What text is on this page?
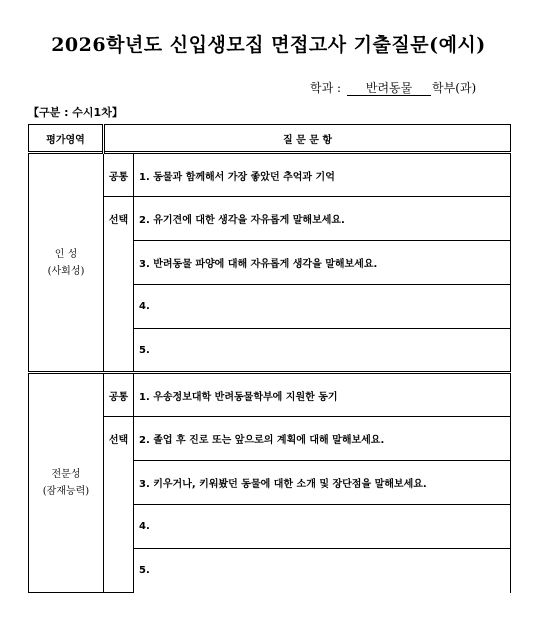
2026학년도 신입생모집 면접고사 기출질문(예시)
학과 : 반려동물 학부(과)
【구분 : 수시1차】
평가영역	질 문 문 항	

인 성
(사회성)	공통	1. 동물과 함께해서 가장 좋았던 추억과 기억
	선택	2. 유기견에 대한 생각을 자유롭게 말해보세요.
		3. 반려동물 파양에 대해 자유롭게 생각을 말해보세요.
		4.
		5.

전문성
(잠재능력)	공통	1. 우송정보대학 반려동물학부에 지원한 동기
	선택	2. 졸업 후 진로 또는 앞으로의 계획에 대해 말해보세요.
		3. 키우거나, 키워봤던 동물에 대한 소개 및 장단점을 말해보세요.
		4.
		5.
